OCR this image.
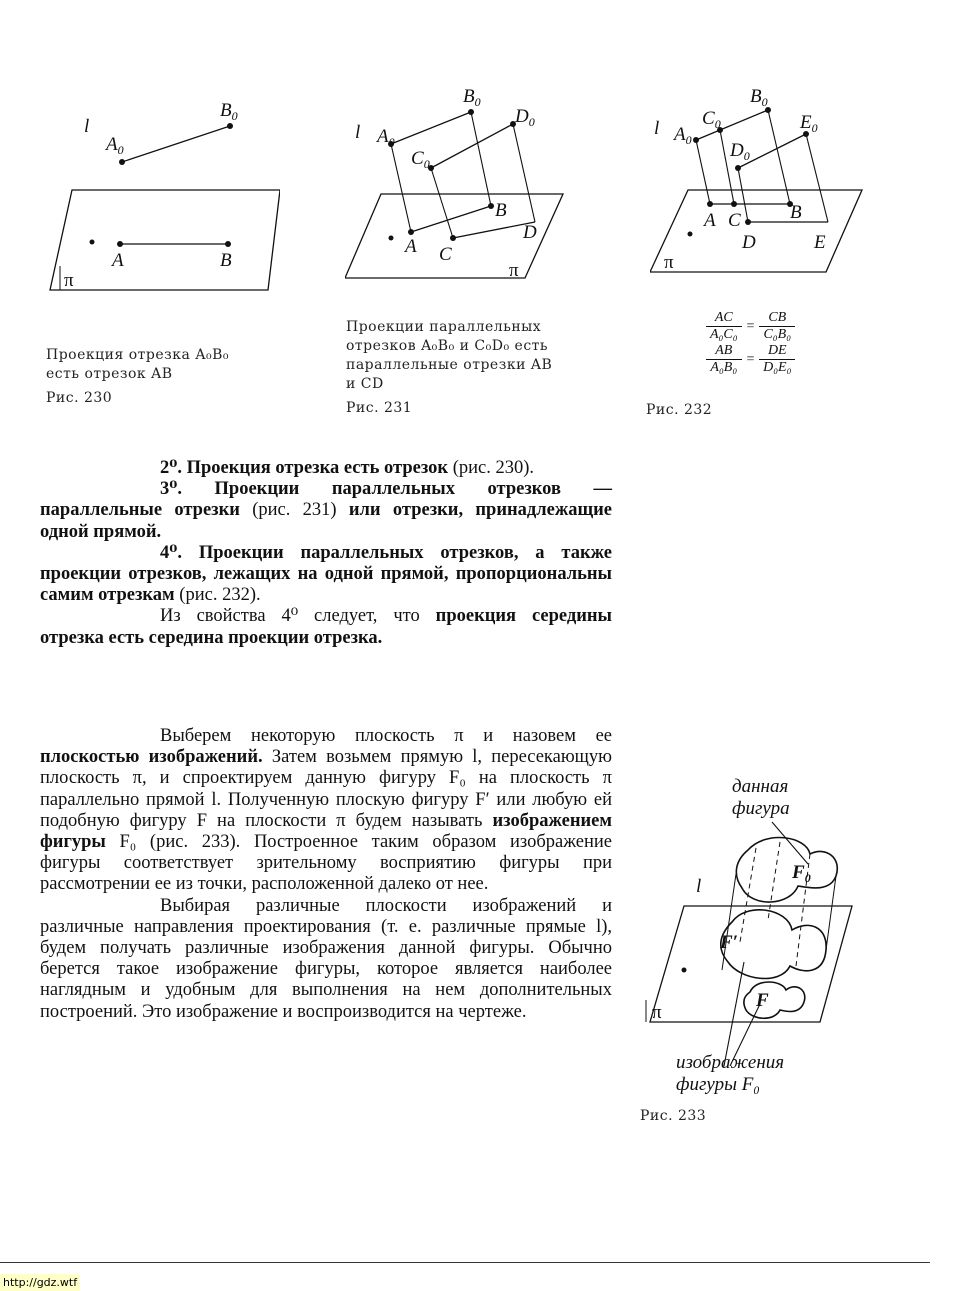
l
$A_0$
$B_0$
A	B
π
Проекция отрезка A₀B₀
есть отрезок AB
Рис. 230
l $A_0$
$B_0$
$C_0$
$D_0$
A
B
C
D
π
Проекции параллельных
отрезков A₀B₀ и C₀D₀ есть
параллельные отрезки AB
и CD
Рис. 231
l $A_0$
$C_0$
$B_0$
$D_0$
$E_0$
A C	B
D	E
π
AC	=	CB
A₀C₀		C₀B₀
AB	=	DE
A₀B₀		D₀E₀
Рис. 232

2⁰. Проекция отрезка есть отрезок (рис. 230).

3⁰. Проекции параллельных отрезков — параллельные отрезки (рис. 231) или отрезки, принадлежащие одной прямой.

4⁰. Проекции параллельных отрезков, а также проекции отрезков, лежащих на одной прямой, пропорциональны самим отрезкам (рис. 232).

Из свойства 4⁰ следует, что проекция середины отрезка есть середина проекции отрезка.

Выберем некоторую плоскость π и назовем ее плоскостью изображений. Затем возьмем прямую l, пересекающую плоскость π, и спроектируем данную фигуру F₀ на плоскость π параллельно прямой l. Полученную плоскую фигуру F′ или любую ей подобную фигуру F на плоскости π будем называть изображением фигуры F₀ (рис. 233). Построенное таким образом изображение фигуры соответствует зрительному восприятию фигуры при рассмотрении ее из точки, расположенной далеко от нее.

Выбирая различные плоскости изображений и различные направления проектирования (т. е. различные прямые l), будем получать различные изображения данной фигуры. Обычно берется такое изображение фигуры, которое является наиболее наглядным и удобным для выполнения на нем дополнительных построений. Это изображение и воспроизводится на чертеже.

данная
фигура
$F_0$
F′
F
l
π
изображения
фигуры F₀
Рис. 233
http://gdz.wtf
